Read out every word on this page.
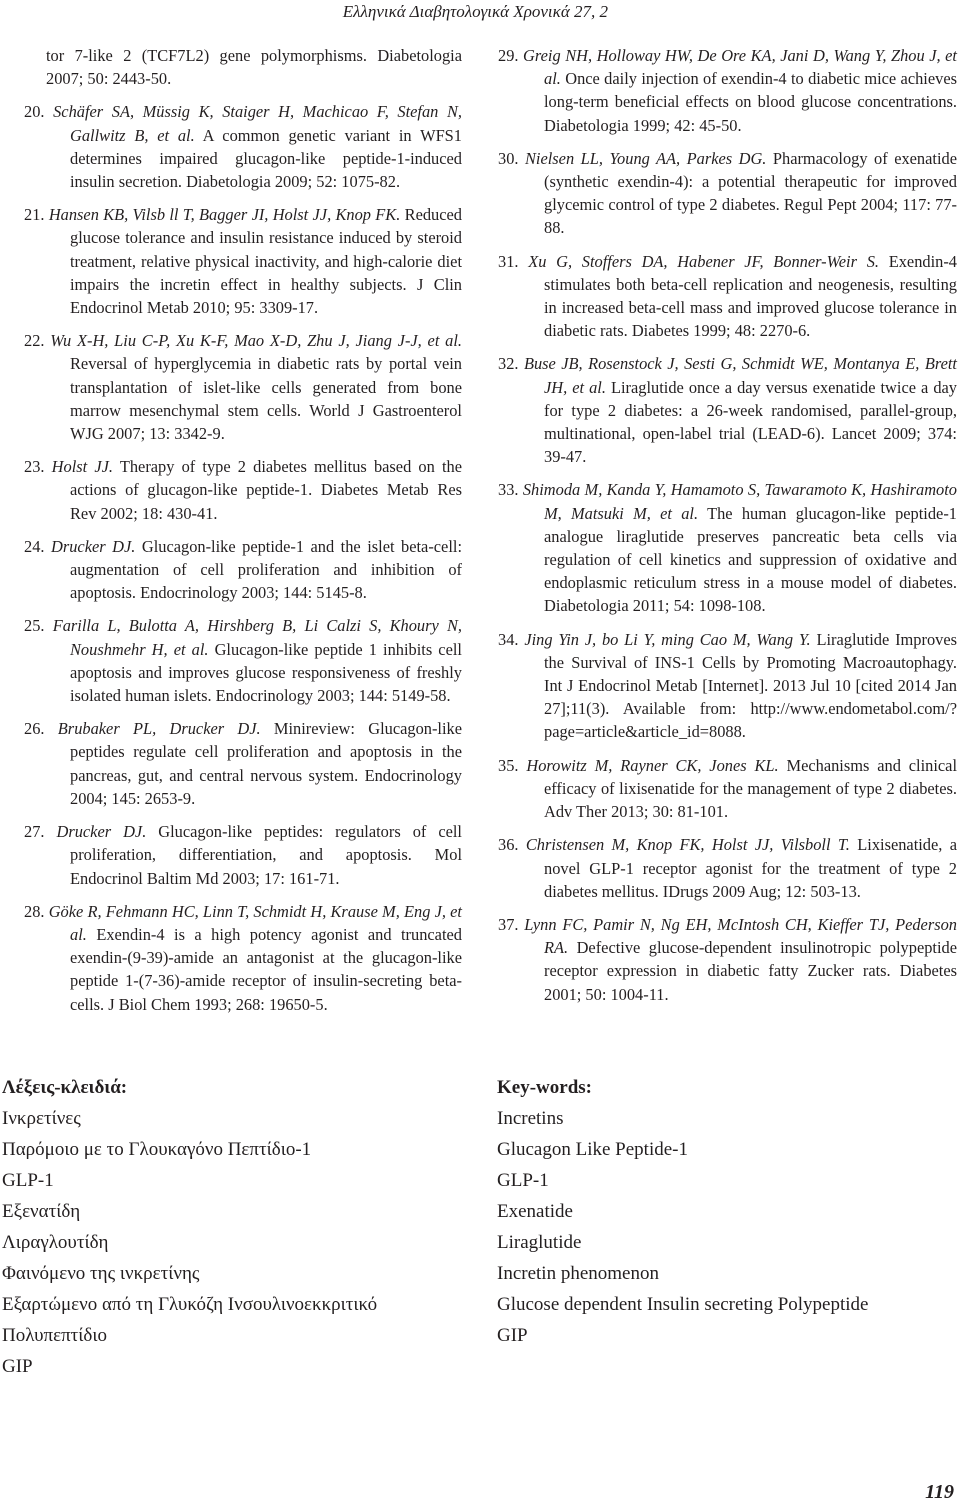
Ελληνικά Διαβητολογικά Χρονικά 27, 2

tor 7-like 2 (TCF7L2) gene polymorphisms. Diabetologia 2007; 50: 2443-50.

20. Schäfer SA, Müssig K, Staiger H, Machicao F, Stefan N, Gallwitz B, et al. A common genetic variant in WFS1 determines impaired glucagon-like peptide-1-induced insulin secretion. Diabetologia 2009; 52: 1075-82.

21. Hansen KB, Vilsb ll T, Bagger JI, Holst JJ, Knop FK. Reduced glucose tolerance and insulin resistance induced by steroid treatment, relative physical inactivity, and high-calorie diet impairs the incretin effect in healthy subjects. J Clin Endocrinol Metab 2010; 95: 3309-17.

22. Wu X-H, Liu C-P, Xu K-F, Mao X-D, Zhu J, Jiang J-J, et al. Reversal of hyperglycemia in diabetic rats by portal vein transplantation of islet-like cells generated from bone marrow mesenchymal stem cells. World J Gastroenterol WJG 2007; 13: 3342-9.

23. Holst JJ. Therapy of type 2 diabetes mellitus based on the actions of glucagon-like peptide-1. Diabetes Metab Res Rev 2002; 18: 430-41.

24. Drucker DJ. Glucagon-like peptide-1 and the islet beta-cell: augmentation of cell proliferation and inhibition of apoptosis. Endocrinology 2003; 144: 5145-8.

25. Farilla L, Bulotta A, Hirshberg B, Li Calzi S, Khoury N, Noushmehr H, et al. Glucagon-like peptide 1 inhibits cell apoptosis and improves glucose responsiveness of freshly isolated human islets. Endocrinology 2003; 144: 5149-58.

26. Brubaker PL, Drucker DJ. Minireview: Glucagon-like peptides regulate cell proliferation and apoptosis in the pancreas, gut, and central nervous system. Endocrinology 2004; 145: 2653-9.

27. Drucker DJ. Glucagon-like peptides: regulators of cell proliferation, differentiation, and apoptosis. Mol Endocrinol Baltim Md 2003; 17: 161-71.

28. Göke R, Fehmann HC, Linn T, Schmidt H, Krause M, Eng J, et al. Exendin-4 is a high potency agonist and truncated exendin-(9-39)-amide an antagonist at the glucagon-like peptide 1-(7-36)-amide receptor of insulin-secreting beta-cells. J Biol Chem 1993; 268: 19650-5.

29. Greig NH, Holloway HW, De Ore KA, Jani D, Wang Y, Zhou J, et al. Once daily injection of exendin-4 to diabetic mice achieves long-term beneficial effects on blood glucose concentrations. Diabetologia 1999; 42: 45-50.

30. Nielsen LL, Young AA, Parkes DG. Pharmacology of exenatide (synthetic exendin-4): a potential therapeutic for improved glycemic control of type 2 diabetes. Regul Pept 2004; 117: 77-88.

31. Xu G, Stoffers DA, Habener JF, Bonner-Weir S. Exendin-4 stimulates both beta-cell replication and neogenesis, resulting in increased beta-cell mass and improved glucose tolerance in diabetic rats. Diabetes 1999; 48: 2270-6.

32. Buse JB, Rosenstock J, Sesti G, Schmidt WE, Montanya E, Brett JH, et al. Liraglutide once a day versus exenatide twice a day for type 2 diabetes: a 26-week randomised, parallel-group, multinational, open-label trial (LEAD-6). Lancet 2009; 374: 39-47.

33. Shimoda M, Kanda Y, Hamamoto S, Tawaramoto K, Hashiramoto M, Matsuki M, et al. The human glucagon-like peptide-1 analogue liraglutide preserves pancreatic beta cells via regulation of cell kinetics and suppression of oxidative and endoplasmic reticulum stress in a mouse model of diabetes. Diabetologia 2011; 54: 1098-108.

34. Jing Yin J, bo Li Y, ming Cao M, Wang Y. Liraglutide Improves the Survival of INS-1 Cells by Promoting Macroautophagy. Int J Endocrinol Metab [Internet]. 2013 Jul 10 [cited 2014 Jan 27];11(3). Available from: http://www.endometabol.com/?page=article&article_id=8088.

35. Horowitz M, Rayner CK, Jones KL. Mechanisms and clinical efficacy of lixisenatide for the management of type 2 diabetes. Adv Ther 2013; 30: 81-101.

36. Christensen M, Knop FK, Holst JJ, Vilsboll T. Lixisenatide, a novel GLP-1 receptor agonist for the treatment of type 2 diabetes mellitus. IDrugs 2009 Aug; 12: 503-13.

37. Lynn FC, Pamir N, Ng EH, McIntosh CH, Kieffer TJ, Pederson RA. Defective glucose-dependent insulinotropic polypeptide receptor expression in diabetic fatty Zucker rats. Diabetes 2001; 50: 1004-11.

Λέξεις-κλειδιά:
Ινκρετίνες
Παρόμοιο με το Γλουκαγόνο Πεπτίδιο-1
GLP-1
Εξενατίδη
Λιραγλουτίδη
Φαινόμενο της ινκρετίνης
Εξαρτώμενο από τη Γλυκόζη Ινσουλινοεκκριτικό
Πολυπεπτίδιο
GIP
Key-words:
Incretins
Glucagon Like Peptide-1
GLP-1
Exenatide
Liraglutide
Incretin phenomenon
Glucose dependent Insulin secreting Polypeptide
GIP
119
